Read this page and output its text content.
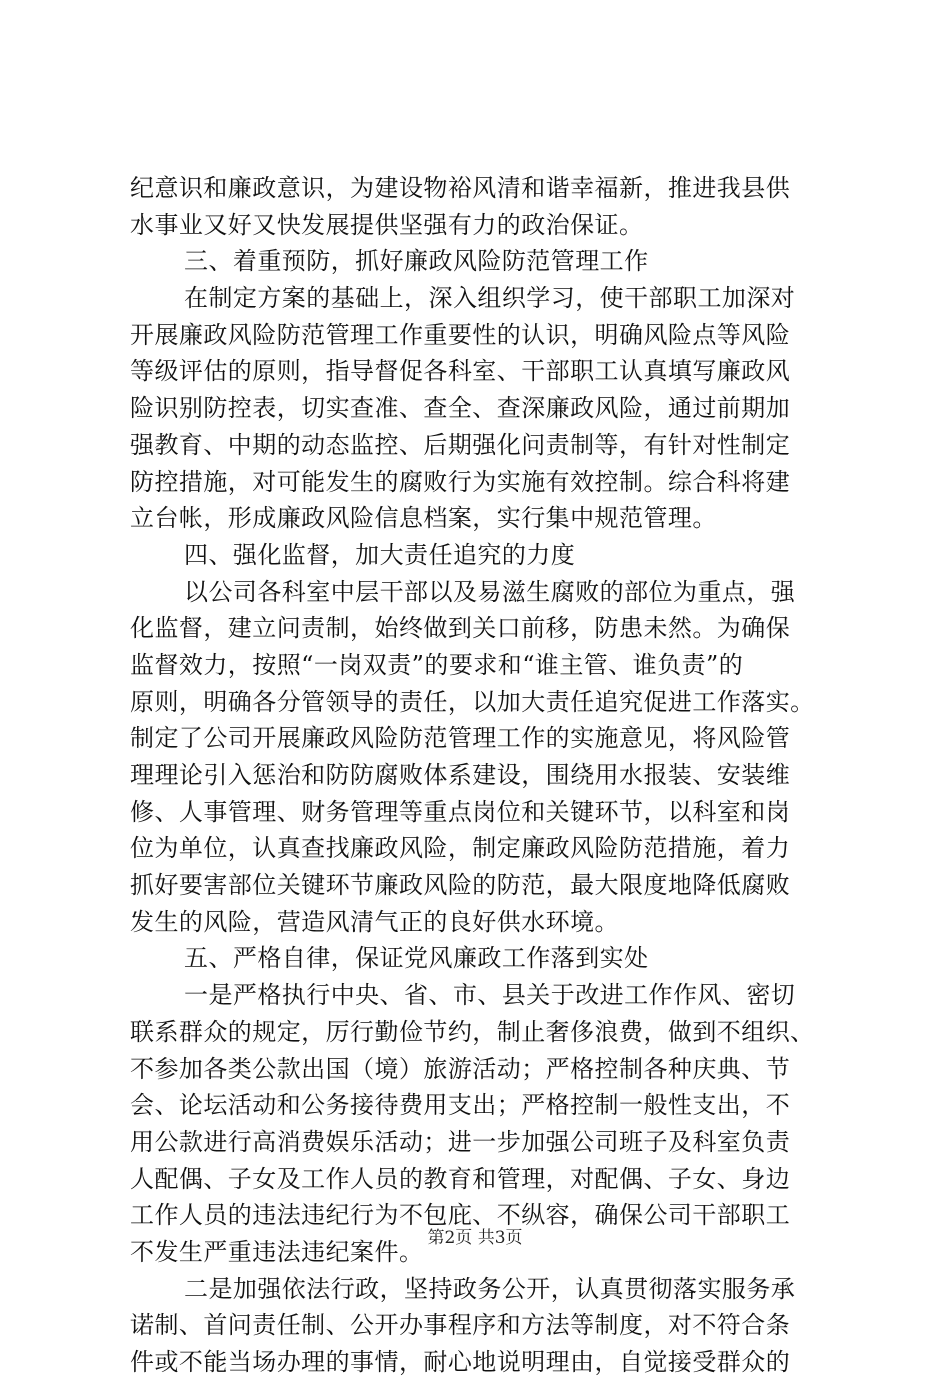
纪意识和廉政意识，为建设物裕风清和谐幸福新，推进我县供
水事业又好又快发展提供坚强有力的政治保证。
三、着重预防，抓好廉政风险防范管理工作
在制定方案的基础上，深入组织学习，使干部职工加深对
开展廉政风险防范管理工作重要性的认识，明确风险点等风险
等级评估的原则，指导督促各科室、干部职工认真填写廉政风
险识别防控表，切实查准、查全、查深廉政风险，通过前期加
强教育、中期的动态监控、后期强化问责制等，有针对性制定
防控措施，对可能发生的腐败行为实施有效控制。综合科将建
立台帐，形成廉政风险信息档案，实行集中规范管理。
四、强化监督，加大责任追究的力度
以公司各科室中层干部以及易滋生腐败的部位为重点，强
化监督，建立问责制，始终做到关口前移，防患未然。为确保
监督效力，按照“一岗双责”的要求和“谁主管、谁负责”的
原则，明确各分管领导的责任，以加大责任追究促进工作落实。
制定了公司开展廉政风险防范管理工作的实施意见，将风险管
理理论引入惩治和防防腐败体系建设，围绕用水报装、安装维
修、人事管理、财务管理等重点岗位和关键环节，以科室和岗
位为单位，认真查找廉政风险，制定廉政风险防范措施，着力
抓好要害部位关键环节廉政风险的防范，最大限度地降低腐败
发生的风险，营造风清气正的良好供水环境。
五、严格自律，保证党风廉政工作落到实处
一是严格执行中央、省、市、县关于改进工作作风、密切
联系群众的规定，厉行勤俭节约，制止奢侈浪费，做到不组织、
不参加各类公款出国（境）旅游活动；严格控制各种庆典、节
会、论坛活动和公务接待费用支出；严格控制一般性支出，不
用公款进行高消费娱乐活动；进一步加强公司班子及科室负责
人配偶、子女及工作人员的教育和管理，对配偶、子女、身边
工作人员的违法违纪行为不包庇、不纵容，确保公司干部职工
不发生严重违法违纪案件。
二是加强依法行政，坚持政务公开，认真贯彻落实服务承
诺制、首问责任制、公开办事程序和方法等制度，对不符合条
件或不能当场办理的事情，耐心地说明理由，自觉接受群众的
第2页 共3页
